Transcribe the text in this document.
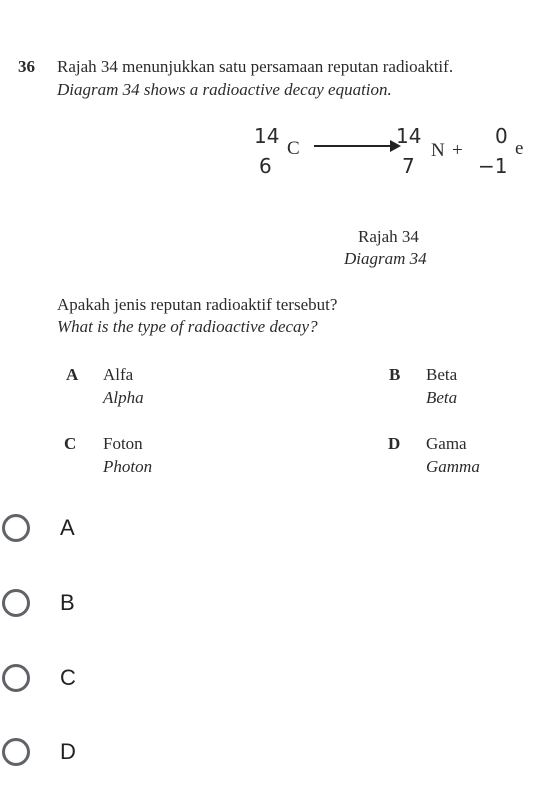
36 Rajah 34 menunjukkan satu persamaan reputan radioaktif.
Diagram 34 shows a radioactive decay equation.
14
6
C
14
7
N +
0
−1
e
Rajah 34
Diagram 34
Apakah jenis reputan radioaktif tersebut?
What is the type of radioactive decay?
A Alfa
Alpha
B Beta
Beta
C Foton
Photon
D Gama
Gamma
A
B
C
D
